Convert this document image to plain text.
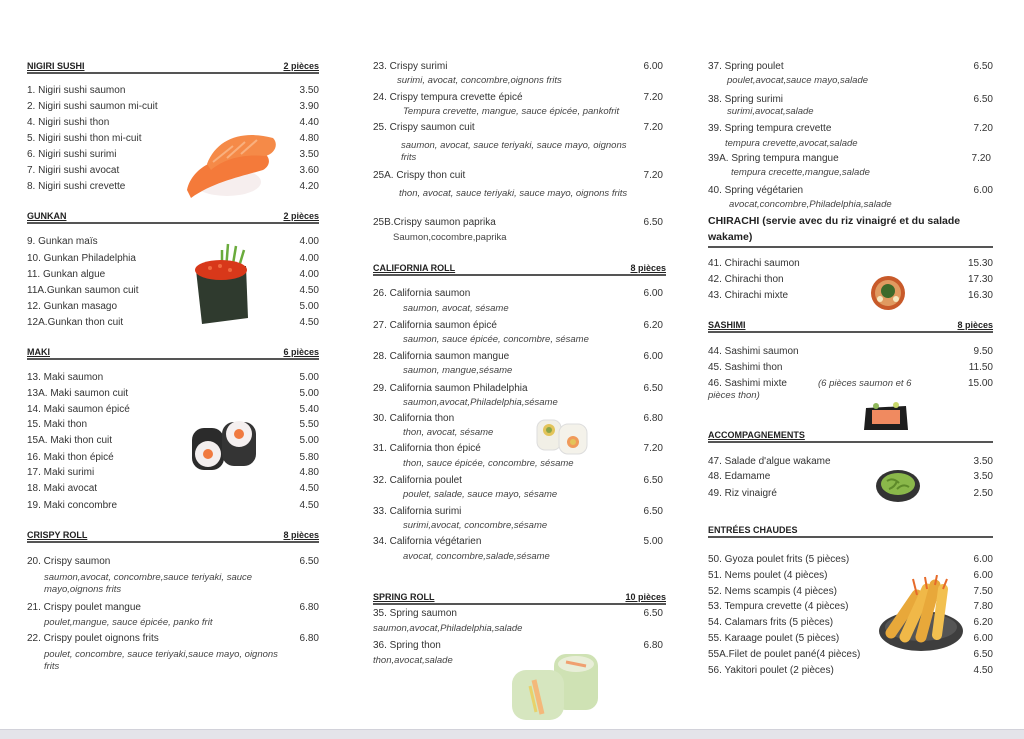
NIGIRI SUSHI	2 pièces
1. Nigiri sushi saumon	3.50
2. Nigiri sushi saumon mi-cuit	3.90
4. Nigiri sushi thon	4.40
5. Nigiri sushi thon mi-cuit	4.80
6. Nigiri sushi surimi	3.50
7. Nigiri sushi avocat	3.60
8. Nigiri sushi crevette	4.20
GUNKAN	2 pièces
9. Gunkan maïs	4.00
10. Gunkan Philadelphia	4.00
11. Gunkan algue	4.00
11A.Gunkan saumon cuit	4.50
12. Gunkan masago	5.00
12A.Gunkan thon cuit	4.50
MAKI	6 pièces
13. Maki saumon	5.00
13A. Maki saumon cuit	5.00
14. Maki saumon épicé	5.40
15. Maki thon	5.50
15A. Maki thon cuit	5.00
16. Maki thon épicé	5.80
17. Maki surimi	4.80
18. Maki avocat	4.50
19. Maki concombre	4.50
CRISPY ROLL	8 pièces
20. Crispy saumon	6.50
saumon,avocat, concombre,sauce teriyaki, sauce mayo,oignons frits
21. Crispy poulet mangue	6.80
poulet,mangue, sauce épicée, panko frit
22. Crispy poulet oignons frits	6.80
poulet, concombre, sauce teriyaki,sauce mayo, oignons frits
23. Crispy surimi	6.00
surimi, avocat, concombre,oignons frits
24. Crispy tempura crevette épicé	7.20
Tempura crevette, mangue, sauce épicée, pankofrit
25. Crispy saumon cuit	7.20
saumon, avocat, sauce teriyaki, sauce mayo, oignons frits
25A. Crispy thon cuit	7.20
thon, avocat, sauce teriyaki, sauce mayo, oignons frits
25B.Crispy saumon paprika	6.50
Saumon,cocombre,paprika
CALIFORNIA ROLL	8 pièces
26. California saumon	6.00
saumon, avocat, sésame
27. California saumon épicé	6.20
saumon, sauce épicée, concombre, sésame
28. California saumon mangue	6.00
saumon, mangue,sésame
29. California saumon Philadelphia	6.50
saumon,avocat,Philadelphia,sésame
30. California thon	6.80
thon, avocat, sésame
31. California thon épicé	7.20
thon, sauce épicée, concombre, sésame
32. California poulet	6.50
poulet, salade, sauce mayo, sésame
33. California surimi	6.50
surimi,avocat, concombre,sésame
34. California végétarien	5.00
avocat, concombre,salade,sésame
SPRING ROLL	10 pièces
35. Spring saumon	6.50
saumon,avocat,Philadelphia,salade
36. Spring thon	6.80
thon,avocat,salade
37. Spring poulet	6.50
poulet,avocat,sauce mayo,salade
38. Spring surimi	6.50
surimi,avocat,salade
39. Spring tempura crevette	7.20
tempura crevette,avocat,salade
39A. Spring tempura mangue	7.20
tempura crecette,mangue,salade
40. Spring végétarien	6.00
avocat,concombre,Philadelphia,salade
CHIRACHI (servie avec du riz vinaigré et du salade wakame)
41. Chirachi saumon	15.30
42. Chirachi thon	17.30
43. Chirachi mixte	16.30
SASHIMI	8 pièces
44. Sashimi saumon	9.50
45. Sashimi thon	11.50
46. Sashimi mixte	15.00
(6 pièces saumon et 6 pièces thon)
ACCOMPAGNEMENTS
47. Salade d'algue wakame	3.50
48. Edamame	3.50
49. Riz vinaigré	2.50
ENTRÉES CHAUDES
50. Gyoza poulet frits (5 pièces)	6.00
51. Nems poulet (4 pièces)	6.00
52. Nems scampis (4 pièces)	7.50
53. Tempura crevette (4 pièces)	7.80
54. Calamars frits (5 pièces)	6.20
55. Karaage poulet (5 pièces)	6.00
55A.Filet de poulet pané(4 pièces)	6.50
56. Yakitori poulet (2 pièces)	4.50
